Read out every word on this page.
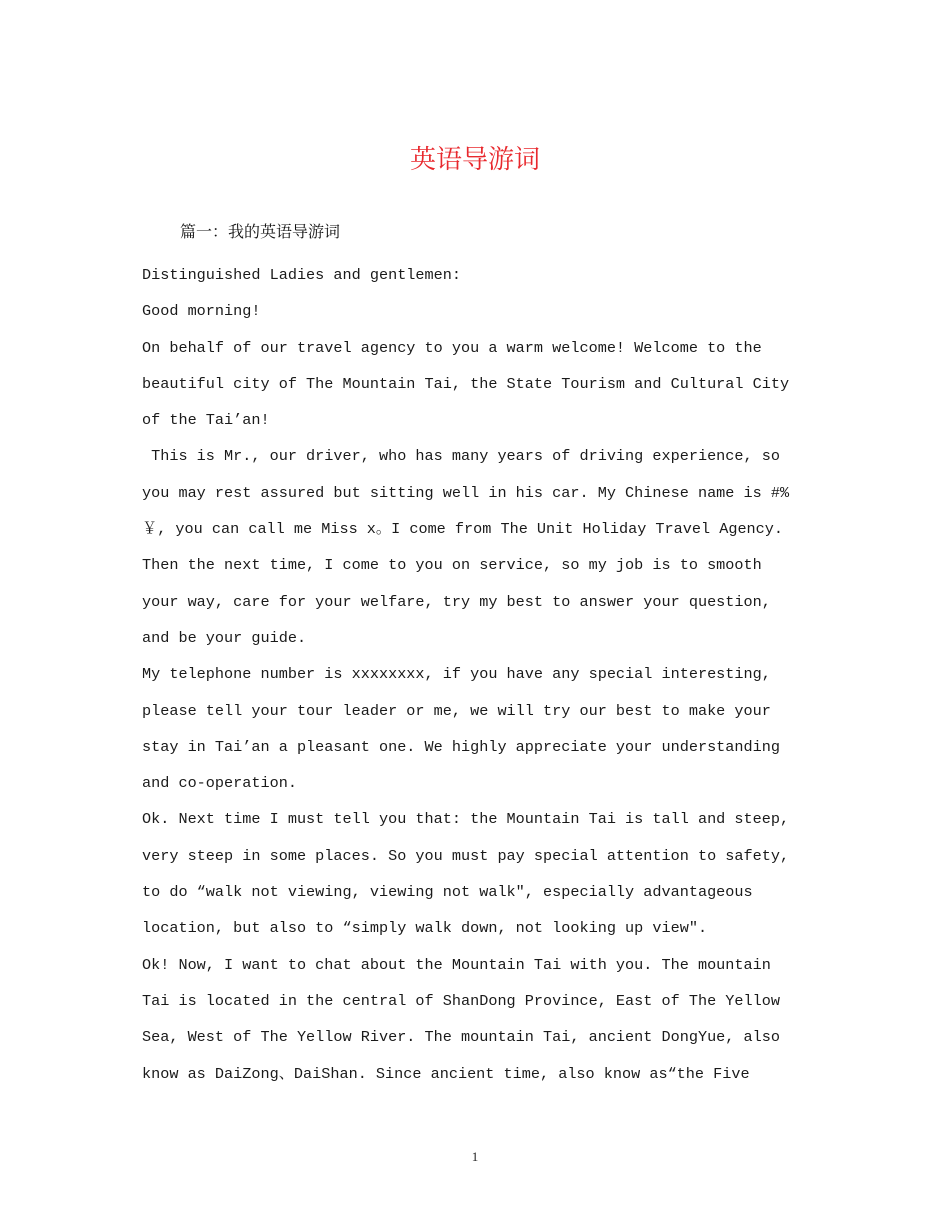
英语导游词
篇一：我的英语导游词
Distinguished Ladies and gentlemen:
Good morning!
On behalf of our travel agency to you a warm welcome! Welcome to the
beautiful city of The Mountain Tai, the State Tourism and Cultural City
of the Tai’an!
This is Mr., our driver, who has many years of driving experience, so
you may rest assured but sitting well in his car. My Chinese name is #%
￥, you can call me Miss x。I come from The Unit Holiday Travel Agency.
Then the next time, I come to you on service, so my job is to smooth
your way, care for your welfare, try my best to answer your question,
and be your guide.
My telephone number is xxxxxxxx, if you have any special interesting,
please tell your tour leader or me, we will try our best to make your
stay in Tai’an a pleasant one. We highly appreciate your understanding
and co-operation.
Ok. Next time I must tell you that: the Mountain Tai is tall and steep,
very steep in some places. So you must pay special attention to safety,
to do “walk not viewing, viewing not walk″, especially advantageous
location, but also to “simply walk down, not looking up view″.
Ok! Now, I want to chat about the Mountain Tai with you. The mountain
Tai is located in the central of ShanDong Province, East of The Yellow
Sea, West of The Yellow River. The mountain Tai, ancient DongYue, also
know as DaiZong、DaiShan. Since ancient time, also know as“the Five
1
